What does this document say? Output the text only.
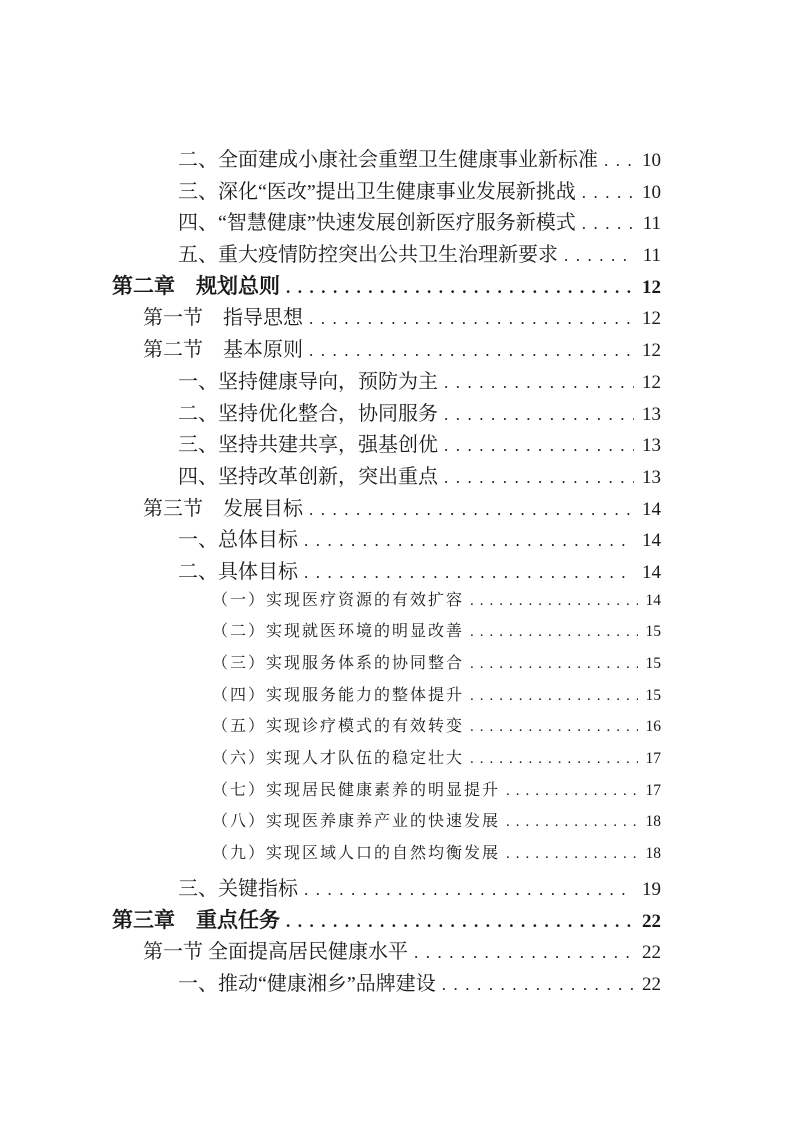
二、全面建成小康社会重塑卫生健康事业新标准 ..... 10
三、深化“医改”提出卫生健康事业发展新挑战 .....	10
四、“智慧健康”快速发展创新医疗服务新模式 .....	11
五、重大疫情防控突出公共卫生治理新要求 .....	11
第二章　规划总则 .....	12
第一节　指导思想 .....	12
第二节　基本原则 .....	12
一、坚持健康导向，预防为主 .....	12
二、坚持优化整合，协同服务 .....	13
三、坚持共建共享，强基创优 .....	13
四、坚持改革创新，突出重点 .....	13
第三节　发展目标 .....	14
一、总体目标 .....	14
二、具体目标 .....	14
（一）实现医疗资源的有效扩容 .....	14
（二）实现就医环境的明显改善 .....	15
（三）实现服务体系的协同整合 .....	15
（四）实现服务能力的整体提升 .....	15
（五）实现诊疗模式的有效转变 .....	16
（六）实现人才队伍的稳定壮大 .....	17
（七）实现居民健康素养的明显提升 .....	17
（八）实现医养康养产业的快速发展 .....	18
（九）实现区域人口的自然均衡发展 .....	18
三、关键指标 .....	19
第三章　重点任务 .....	22
第一节 全面提高居民健康水平 .....	22
一、推动“健康湘乡”品牌建设 .....	22
